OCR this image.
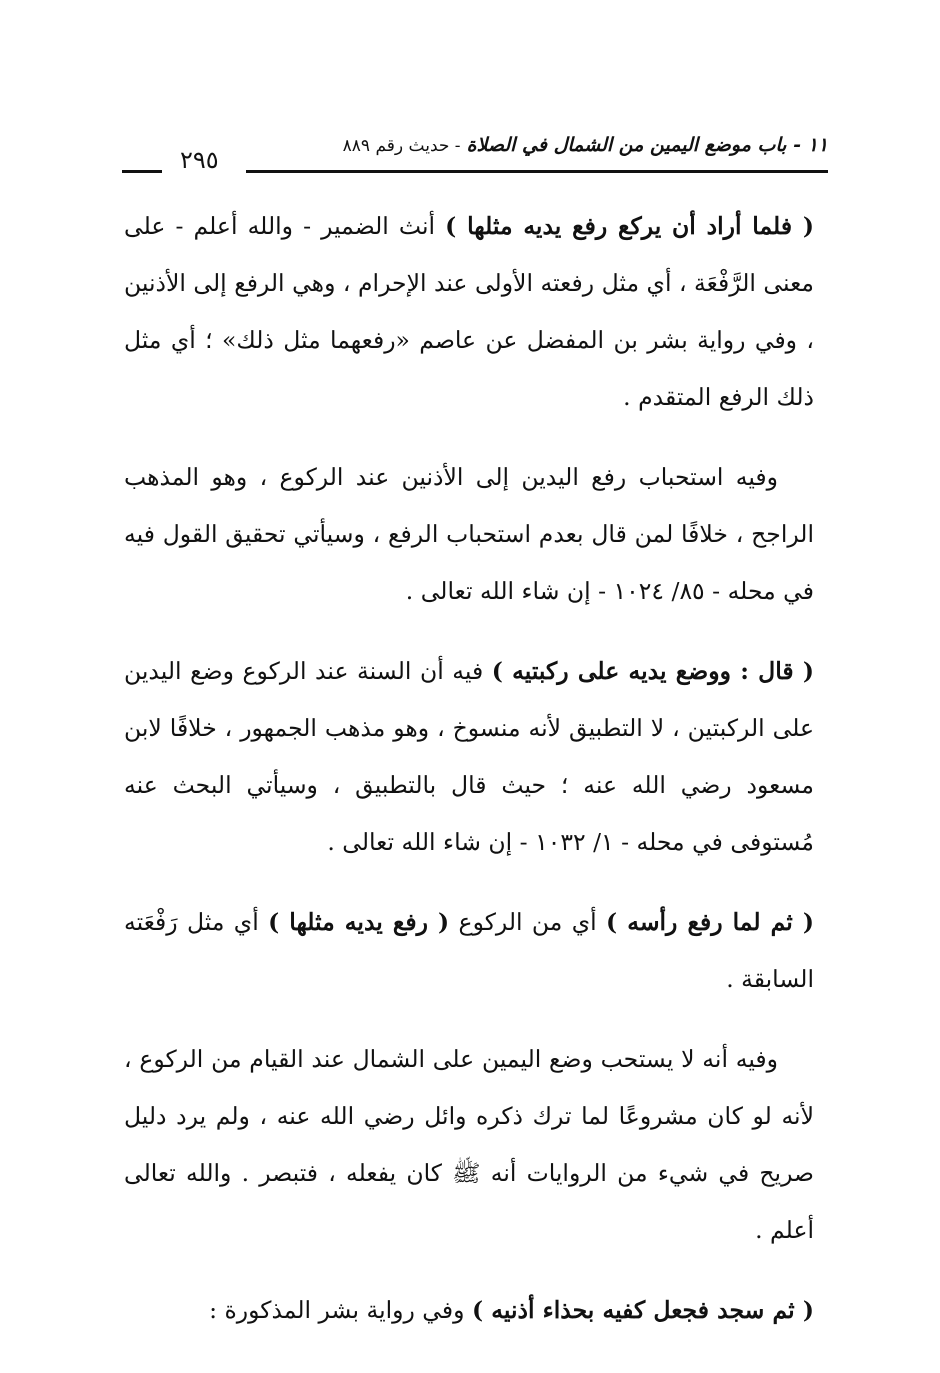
١١ - باب موضع اليمين من الشمال في الصلاة - حديث رقم ٨٨٩
٢٩٥

( فلما أراد أن يركع رفع يديه مثلها ) أنث الضمير - والله أعلم - على معنى الرَّفْعَة ، أي مثل رفعته الأولى عند الإحرام ، وهي الرفع إلى الأذنين ، وفي رواية بشر بن المفضل عن عاصم «رفعهما مثل ذلك» ؛ أي مثل ذلك الرفع المتقدم .

وفيه استحباب رفع اليدين إلى الأذنين عند الركوع ، وهو المذهب الراجح ، خلافًا لمن قال بعدم استحباب الرفع ، وسيأتي تحقيق القول فيه في محله - ٨٥/ ١٠٢٤ - إن شاء الله تعالى .

( قال : ووضع يديه على ركبتيه ) فيه أن السنة عند الركوع وضع اليدين على الركبتين ، لا التطبيق لأنه منسوخ ، وهو مذهب الجمهور ، خلافًا لابن مسعود رضي الله عنه ؛ حيث قال بالتطبيق ، وسيأتي البحث عنه مُستوفى في محله - ١/ ١٠٣٢ - إن شاء الله تعالى .

( ثم لما رفع رأسه ) أي من الركوع ( رفع يديه مثلها ) أي مثل رَفْعَته السابقة .

وفيه أنه لا يستحب وضع اليمين على الشمال عند القيام من الركوع ، لأنه لو كان مشروعًا لما ترك ذكره وائل رضي الله عنه ، ولم يرد دليل صريح في شيء من الروايات أنه ﷺ كان يفعله ، فتبصر . والله تعالى أعلم .

( ثم سجد فجعل كفيه بحذاء أذنيه ) وفي رواية بشر المذكورة :
